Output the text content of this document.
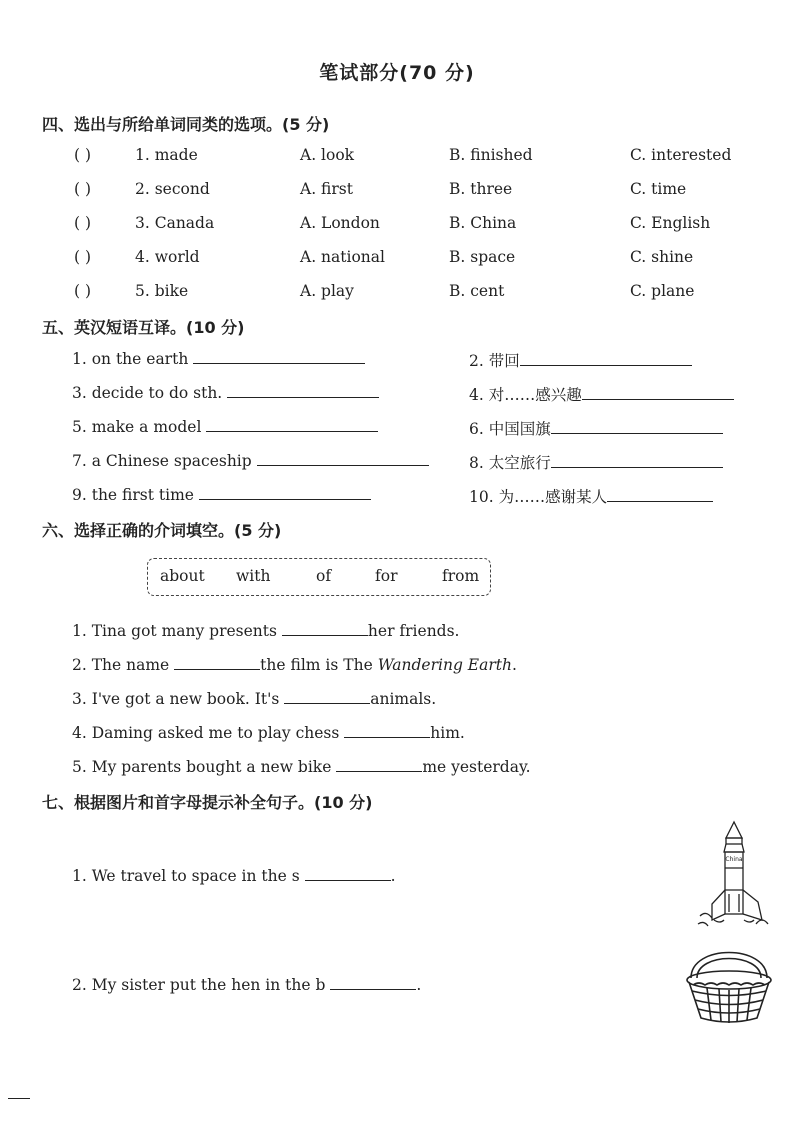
笔试部分(70 分)
四、选出与所给单词同类的选项。(5 分)
( )	1. made	A. look	B. finished	C. interested
( )	2. second	A. first	B. three	C. time
( )	3. Canada	A. London	B. China	C. English
( )	4. world	A. national	B. space	C. shine
( )	5. bike	A. play	B. cent	C. plane
五、英汉短语互译。(10 分)
1. on the earth
3. decide to do sth.
5. make a model
7. a Chinese spaceship
9. the first time
2. 带回
4. 对……感兴趣
6. 中国国旗
8. 太空旅行
10. 为……感谢某人
六、选择正确的介词填空。(5 分)
about with	of	for	from
1. Tina got many presents	her friends.
2. The name	the film is The Wandering Earth.
3. I've got a new book. It's	animals.
4. Daming asked me to play chess	him.
5. My parents bought a new bike	me yesterday.
七、根据图片和首字母提示补全句子。(10 分)
1. We travel to space in the s	.
2. My sister put the hen in the b	.
China
